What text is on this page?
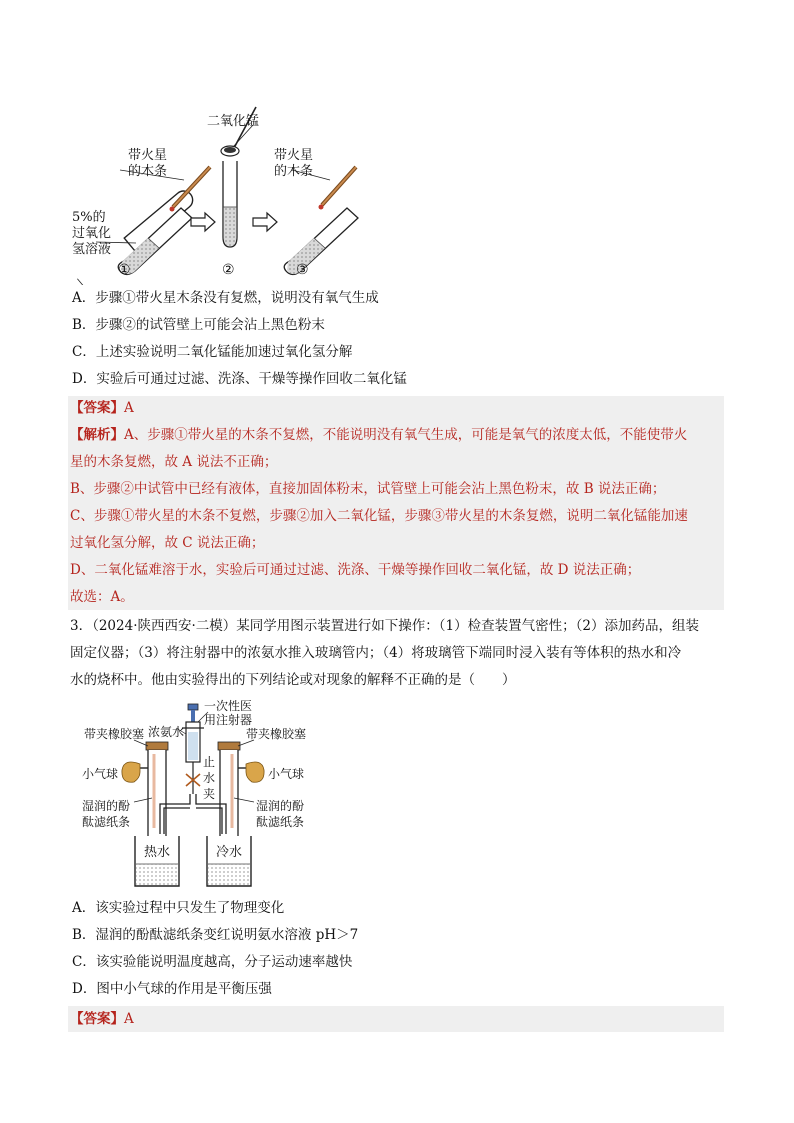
二氧化锰
带火星
的木条
带火星
的木条
5%的
过氧化
氢溶液
①	②	③
A．步骤①带火星木条没有复燃，说明没有氧气生成
B．步骤②的试管壁上可能会沾上黑色粉末
C．上述实验说明二氧化锰能加速过氧化氢分解
D．实验后可通过过滤、洗涤、干燥等操作回收二氧化锰
【答案】A
【解析】A、步骤①带火星的木条不复燃，不能说明没有氧气生成，可能是氧气的浓度太低，不能使带火
星的木条复燃，故 A 说法不正确；
B、步骤②中试管中已经有液体，直接加固体粉末，试管壁上可能会沾上黑色粉末，故 B 说法正确；
C、步骤①带火星的木条不复燃，步骤②加入二氧化锰，步骤③带火星的木条复燃，说明二氧化锰能加速
过氧化氢分解，故 C 说法正确；
D、二氧化锰难溶于水，实验后可通过过滤、洗涤、干燥等操作回收二氧化锰，故 D 说法正确；
故选：A。
3．（2024·陕西西安·二模）某同学用图示装置进行如下操作：（1）检查装置气密性；（2）添加药品，组装
固定仪器；（3）将注射器中的浓氨水推入玻璃管内；（4）将玻璃管下端同时浸入装有等体积的热水和冷
水的烧杯中。他由实验得出的下列结论或对现象的解释不正确的是（　　）
带夹橡胶塞 浓氨水
一次性医
用注射器
带夹橡胶塞
小气球	小气球
止
水
夹
湿润的酚
酞滤纸条
湿润的酚
酞滤纸条
热水	冷水
A．该实验过程中只发生了物理变化
B．湿润的酚酞滤纸条变红说明氨水溶液 pH＞7
C．该实验能说明温度越高，分子运动速率越快
D．图中小气球的作用是平衡压强
【答案】A
